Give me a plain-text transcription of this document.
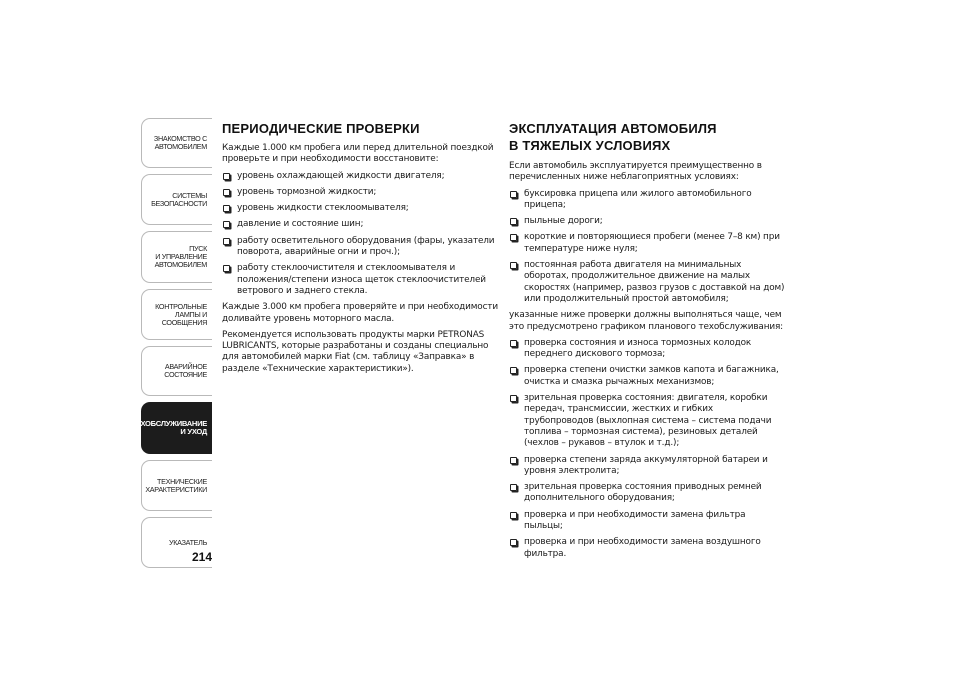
ЗНАКОМСТВО С
АВТОМОБИЛЕМ
СИСТЕМЫ
БЕЗОПАСНОСТИ
ПУСК
И УПРАВЛЕНИЕ
АВТОМОБИЛЕМ
КОНТРОЛЬНЫЕ
ЛАМПЫ И
СООБЩЕНИЯ
АВАРИЙНОЕ
СОСТОЯНИЕ
ТЕХОБСЛУЖИВАНИЕ
И УХОД
ТЕХНИЧЕСКИЕ
ХАРАКТЕРИСТИКИ
УКАЗАТЕЛЬ
214
ПЕРИОДИЧЕСКИЕ ПРОВЕРКИ

Каждые 1.000 км пробега или перед длительной поездкой проверьте и при необходимости восстановите:

уровень охлаждающей жидкости двигателя;
уровень тормозной жидкости;
уровень жидкости стеклоомывателя;
давление и состояние шин;
работу осветительного оборудования (фары, указатели поворота, аварийные огни и проч.);
работу стеклоочистителя и стеклоомывателя и положения/степени износа щеток стеклоочистителей ветрового и заднего стекла.

Каждые 3.000 км пробега проверяйте и при необходимости доливайте уровень моторного масла.

Рекомендуется использовать продукты марки PETRONAS LUBRICANTS, которые разработаны и созданы специально для автомобилей марки Fiat (см. таблицу «Заправка» в разделе «Технические характеристики»).

ЭКСПЛУАТАЦИЯ АВТОМОБИЛЯ
В ТЯЖЕЛЫХ УСЛОВИЯХ

Если автомобиль эксплуатируется преимущественно в перечисленных ниже неблагоприятных условиях:

буксировка прицепа или жилого автомобильного прицепа;
пыльные дороги;
короткие и повторяющиеся пробеги (менее 7–8 км) при температуре ниже нуля;
постоянная работа двигателя на минимальных оборотах, продолжительное движение на малых скоростях (например, развоз грузов с доставкой на дом) или продолжительный простой автомобиля;

указанные ниже проверки должны выполняться чаще, чем это предусмотрено графиком планового техобслуживания:

проверка состояния и износа тормозных колодок переднего дискового тормоза;
проверка степени очистки замков капота и багажника, очистка и смазка рычажных механизмов;
зрительная проверка состояния: двигателя, коробки передач, трансмиссии, жестких и гибких трубопроводов (выхлопная система – система подачи топлива – тормозная система), резиновых деталей (чехлов – рукавов – втулок и т.д.);
проверка степени заряда аккумуляторной батареи и уровня электролита;
зрительная проверка состояния приводных ремней дополнительного оборудования;
проверка и при необходимости замена фильтра пыльцы;
проверка и при необходимости замена воздушного фильтра.
